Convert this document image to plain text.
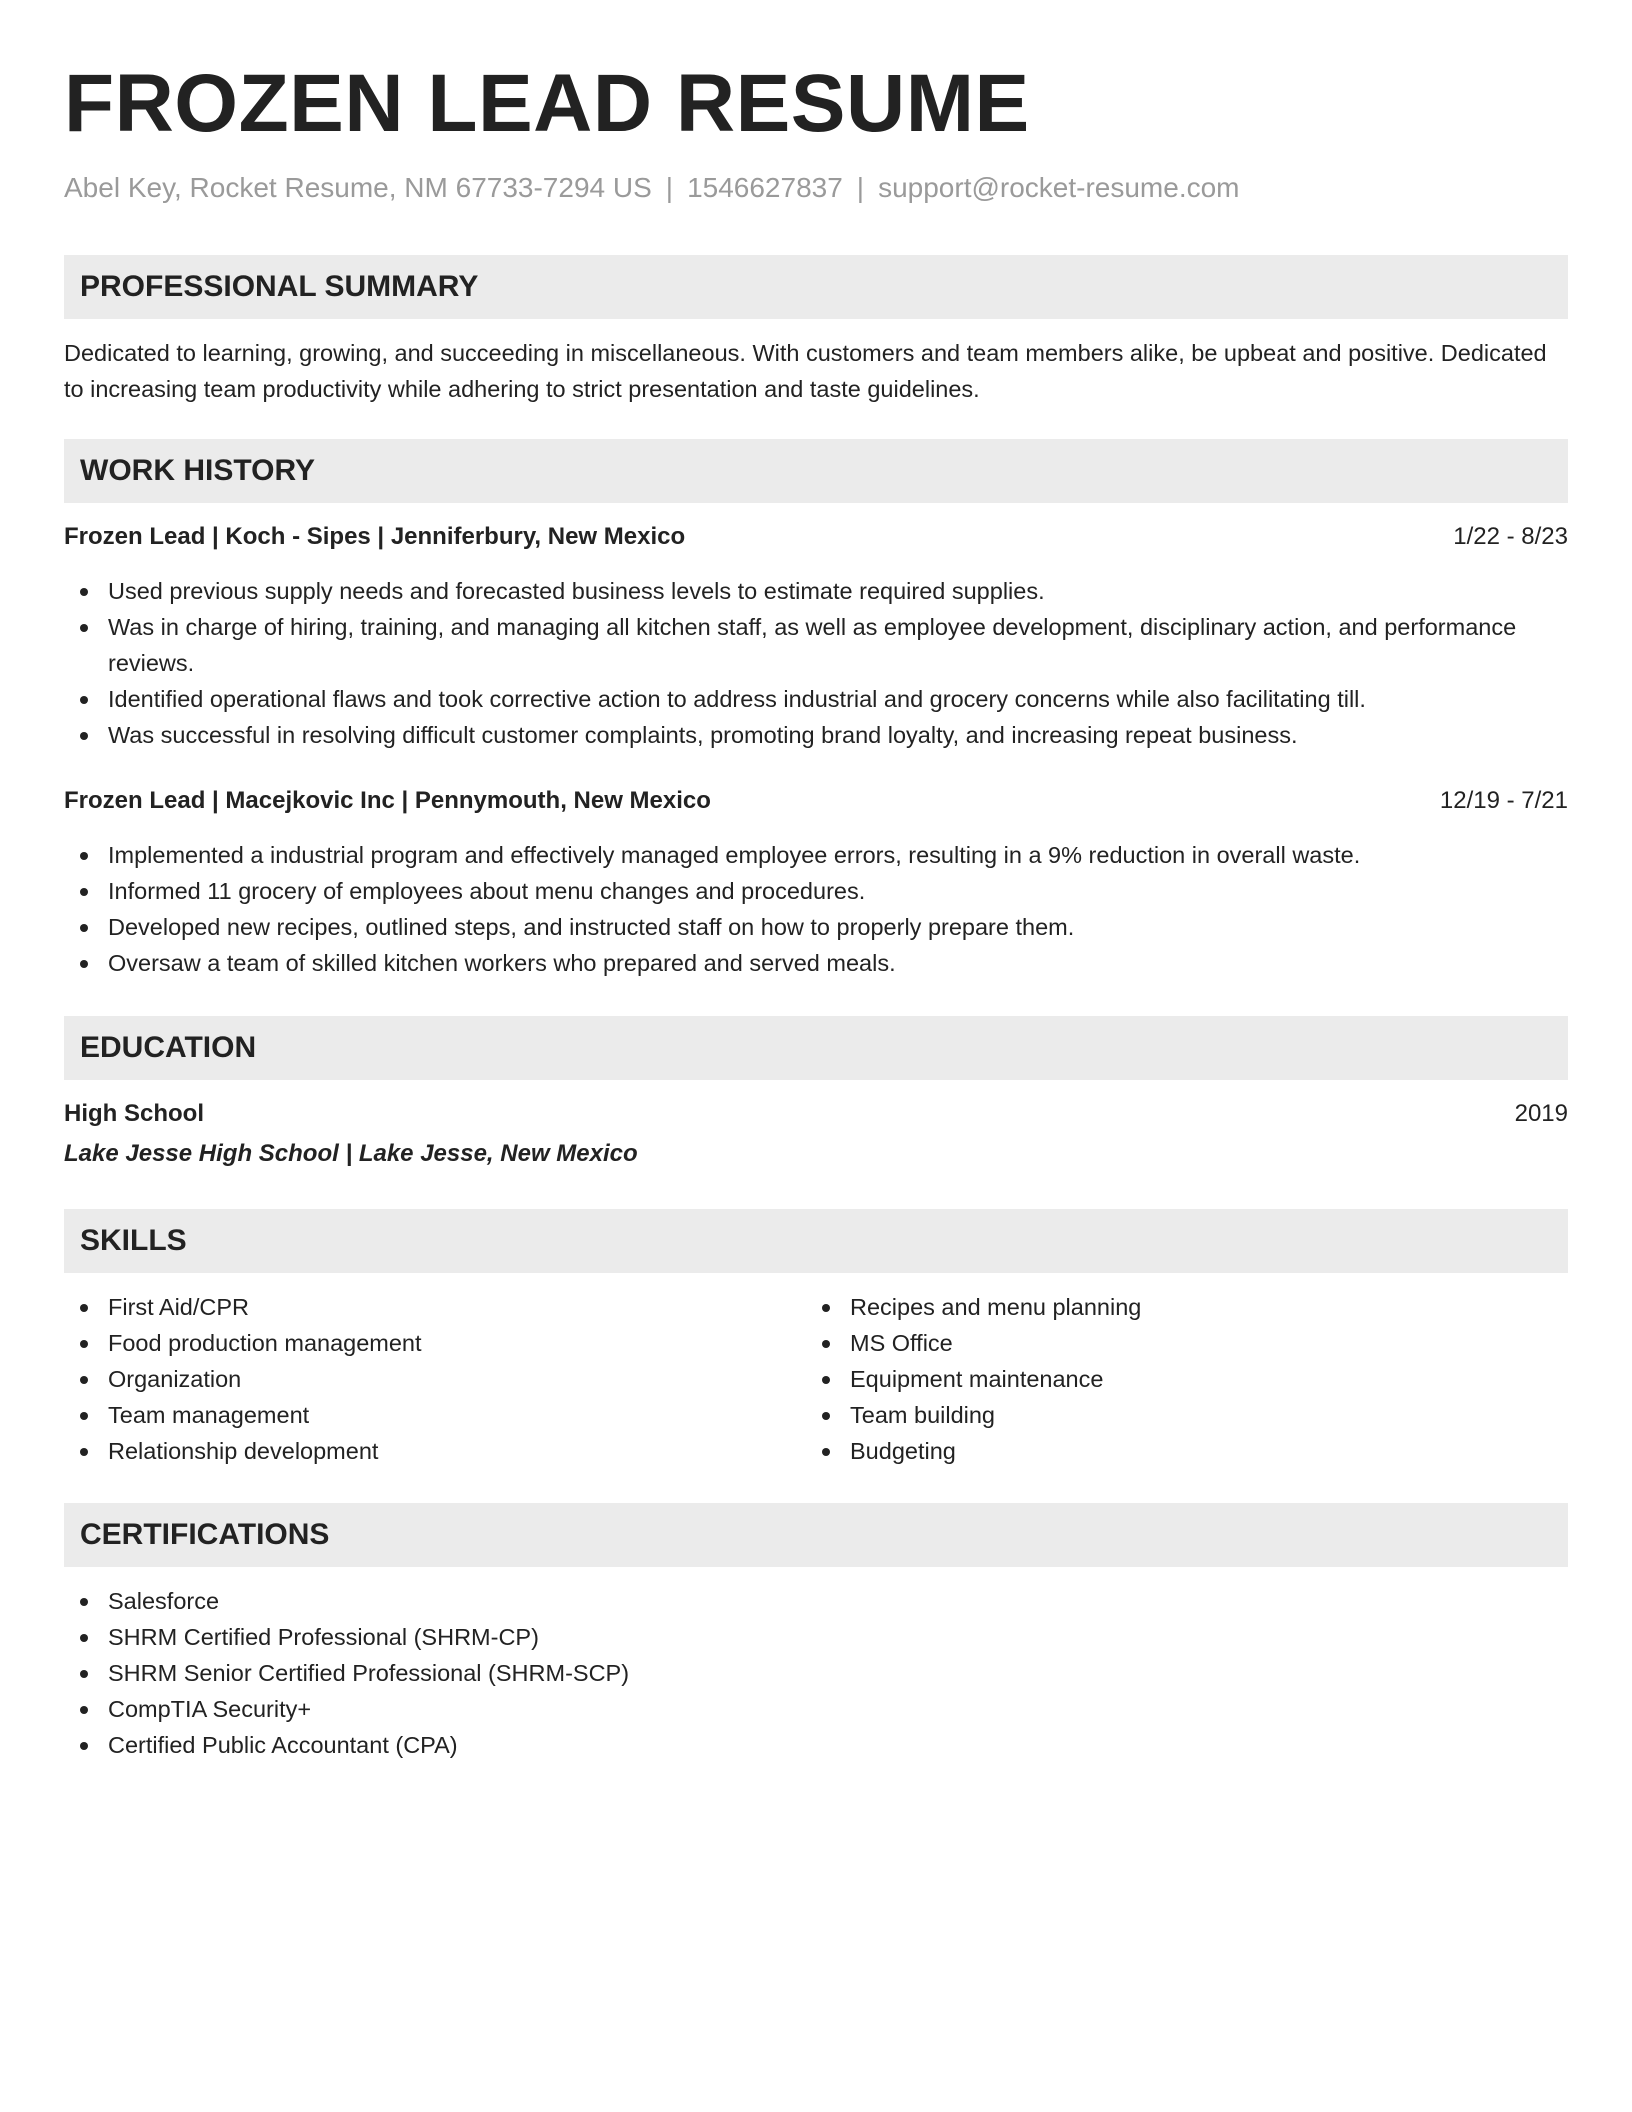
FROZEN LEAD RESUME
Abel Key, Rocket Resume, NM 67733-7294 US | 1546627837 | support@rocket-resume.com
PROFESSIONAL SUMMARY
Dedicated to learning, growing, and succeeding in miscellaneous. With customers and team members alike, be upbeat and positive. Dedicated to increasing team productivity while adhering to strict presentation and taste guidelines.
WORK HISTORY
Frozen Lead | Koch - Sipes | Jenniferbury, New Mexico	1/22 - 8/23
Used previous supply needs and forecasted business levels to estimate required supplies.
Was in charge of hiring, training, and managing all kitchen staff, as well as employee development, disciplinary action, and performance reviews.
Identified operational flaws and took corrective action to address industrial and grocery concerns while also facilitating till.
Was successful in resolving difficult customer complaints, promoting brand loyalty, and increasing repeat business.
Frozen Lead | Macejkovic Inc | Pennymouth, New Mexico	12/19 - 7/21
Implemented a industrial program and effectively managed employee errors, resulting in a 9% reduction in overall waste.
Informed 11 grocery of employees about menu changes and procedures.
Developed new recipes, outlined steps, and instructed staff on how to properly prepare them.
Oversaw a team of skilled kitchen workers who prepared and served meals.
EDUCATION
High School	2019
Lake Jesse High School | Lake Jesse, New Mexico
SKILLS
First Aid/CPR
Food production management
Organization
Team management
Relationship development
Recipes and menu planning
MS Office
Equipment maintenance
Team building
Budgeting
CERTIFICATIONS
Salesforce
SHRM Certified Professional (SHRM-CP)
SHRM Senior Certified Professional (SHRM-SCP)
CompTIA Security+
Certified Public Accountant (CPA)
